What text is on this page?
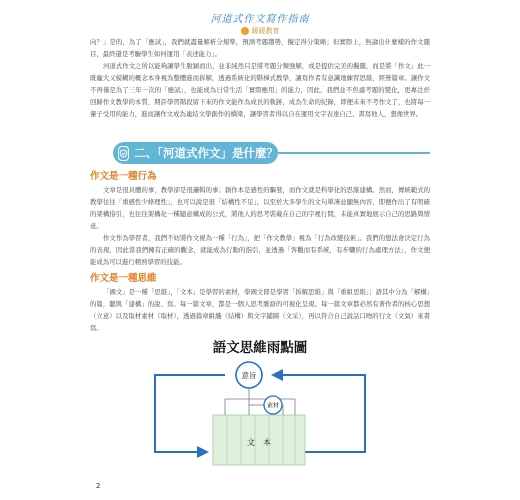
河道式作文寫作指南
暖暖教育

向？」是的，為了「應試」，我們就盡量解析分規準，預測考題趨勢，擬定得分策略；但實際上，無論出什麼樣的作文題目，最終還是考驗學生如何運用「表述能力」。

河道式作文之所以能夠讓學生脫穎而出，並非純然只是將考題分類強解，或是提供完美的擬題，而是將「作文」此一既龐大又模糊的概念本身視為整體進而拆解，透過系統化的階梯式教學，讓寫作者有意識地練習思維，經營篇章。讓作文不再僅是為了三年一次的「應試」，也能成為日常生活「實際應用」的能力，因此，我們並不焦慮考題的變化，更專注於回歸作文教學的本質，期許學習階段留下來的作文能作為成長的軌跡，成為生命的紀錄，即便未來不考作文了，也將每一輩子受用的能力，進而讓作文成為連結文學創作的橋梁，讓學習者得以自在運用文字表達自己、書寫他人，想像世界。

二、「河道式作文」是什麼？
作文是一種行為

文章是很具體的事，教學卻是很邏輯的事；創作本是感性的驅發，而作文就是科學化的思維建構。然而，傳統範式的教學往往「重感性少條理性」，也可以說是很「結構性不足」，以至於大多學生的文句單薄並顯無內容，即便作出了有明確的架構指引，也往往架構化一種隨意構成的公式，將他人的思考裝載在自己的字裡行間，未能真實地展示自己的思路與情意。

作文作為學習者，我們不妨將作文視為一種「行為」，把「作文教學」視為「行為改變技術」。我們的想法會決定行為的表現，因此當我們擁有正確的觀念，就能成為行動的指引，並透過「客觀而有系統，有步驟的行為處理方法」，作文便能成為可以進行精熟學習的技能。

作文是一種思維

「國文」是一種「思維」，「文本」是學習的素材，學國文即是學習「拆解思維」與「重組思維」；語其中分為「解構」的篇，聽與「建構」的說、寫。每一篇文章，都是一個人思考脈絡的可視化呈現。每一篇文章都必然有著作者的核心思想（立意）以及取材素材（取材），透過篇章組織（結構）與文字鋪陳（文采），再以符合自己說話口吻的行文（文氣）來書寫。

語文思維雨點圖
意旨
素材
文　本
2
